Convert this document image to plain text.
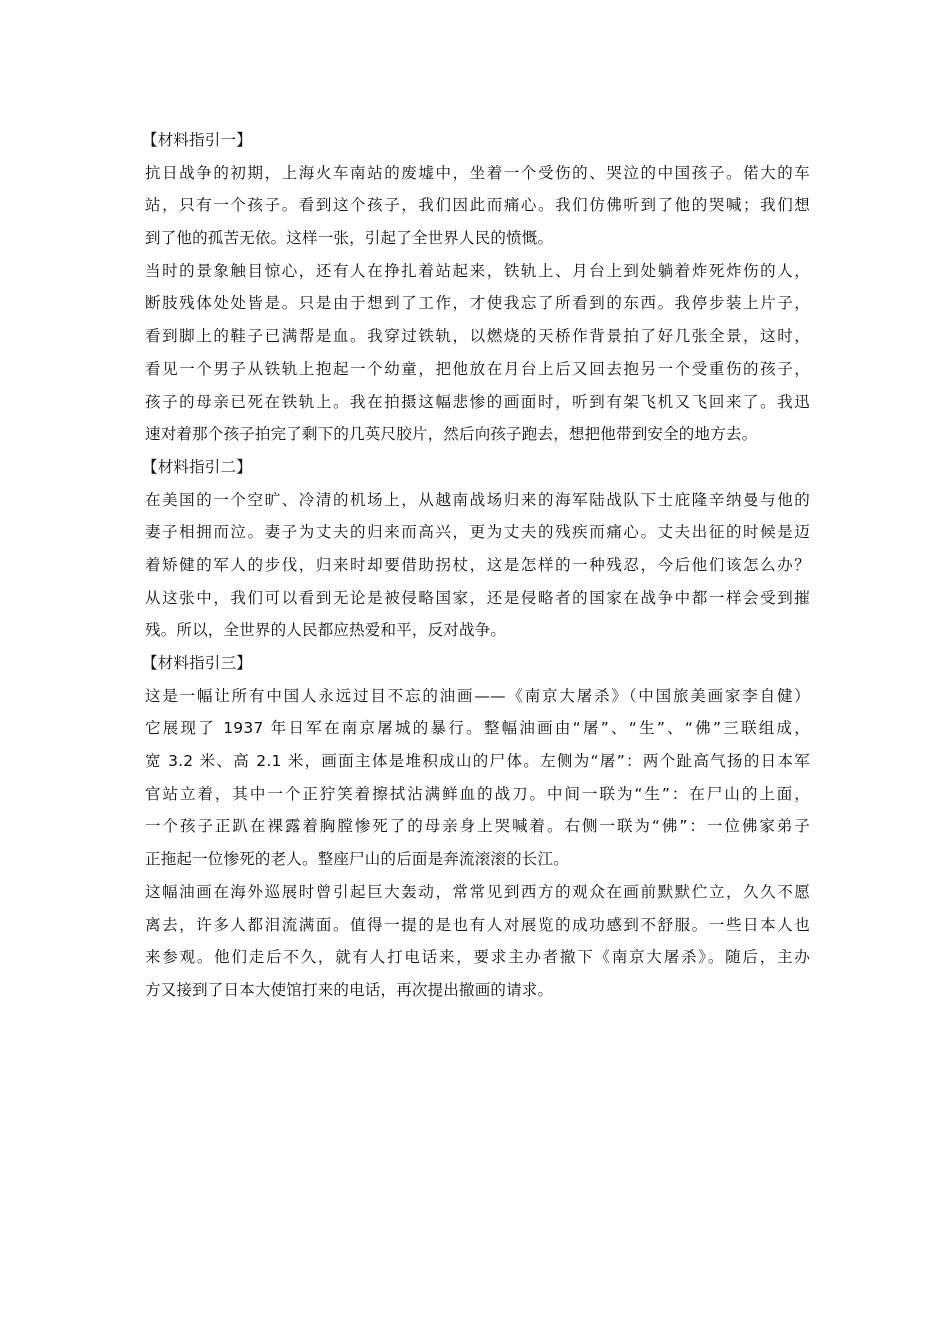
【材料指引一】
抗日战争的初期，上海火车南站的废墟中，坐着一个受伤的、哭泣的中国孩子。偌大的车
站，只有一个孩子。看到这个孩子，我们因此而痛心。我们仿佛听到了他的哭喊；我们想
到了他的孤苦无依。这样一张，引起了全世界人民的愤慨。
当时的景象触目惊心，还有人在挣扎着站起来，铁轨上、月台上到处躺着炸死炸伤的人，
断肢残体处处皆是。只是由于想到了工作，才使我忘了所看到的东西。我停步装上片子，
看到脚上的鞋子已满帮是血。我穿过铁轨，以燃烧的天桥作背景拍了好几张全景，这时，
看见一个男子从铁轨上抱起一个幼童，把他放在月台上后又回去抱另一个受重伤的孩子，
孩子的母亲已死在铁轨上。我在拍摄这幅悲惨的画面时，听到有架飞机又飞回来了。我迅
速对着那个孩子拍完了剩下的几英尺胶片，然后向孩子跑去，想把他带到安全的地方去。
【材料指引二】
在美国的一个空旷、冷清的机场上，从越南战场归来的海军陆战队下士庇隆辛纳曼与他的
妻子相拥而泣。妻子为丈夫的归来而高兴，更为丈夫的残疾而痛心。丈夫出征的时候是迈
着矫健的军人的步伐，归来时却要借助拐杖，这是怎样的一种残忍，今后他们该怎么办？
从这张中，我们可以看到无论是被侵略国家，还是侵略者的国家在战争中都一样会受到摧
残。所以，全世界的人民都应热爱和平，反对战争。
【材料指引三】
这是一幅让所有中国人永远过目不忘的油画——《南京大屠杀》（中国旅美画家李自健）
它展现了 1937 年日军在南京屠城的暴行。整幅油画由“屠”、“生”、“佛”三联组成，
宽 3.2 米、高 2.1 米，画面主体是堆积成山的尸体。左侧为“屠”：两个趾高气扬的日本军
官站立着，其中一个正狞笑着擦拭沾满鲜血的战刀。中间一联为“生”：在尸山的上面，
一个孩子正趴在裸露着胸膛惨死了的母亲身上哭喊着。右侧一联为“佛”：一位佛家弟子
正拖起一位惨死的老人。整座尸山的后面是奔流滚滚的长江。
这幅油画在海外巡展时曾引起巨大轰动，常常见到西方的观众在画前默默伫立，久久不愿
离去，许多人都泪流满面。值得一提的是也有人对展览的成功感到不舒服。一些日本人也
来参观。他们走后不久，就有人打电话来，要求主办者撤下《南京大屠杀》。随后，主办
方又接到了日本大使馆打来的电话，再次提出撤画的请求。
